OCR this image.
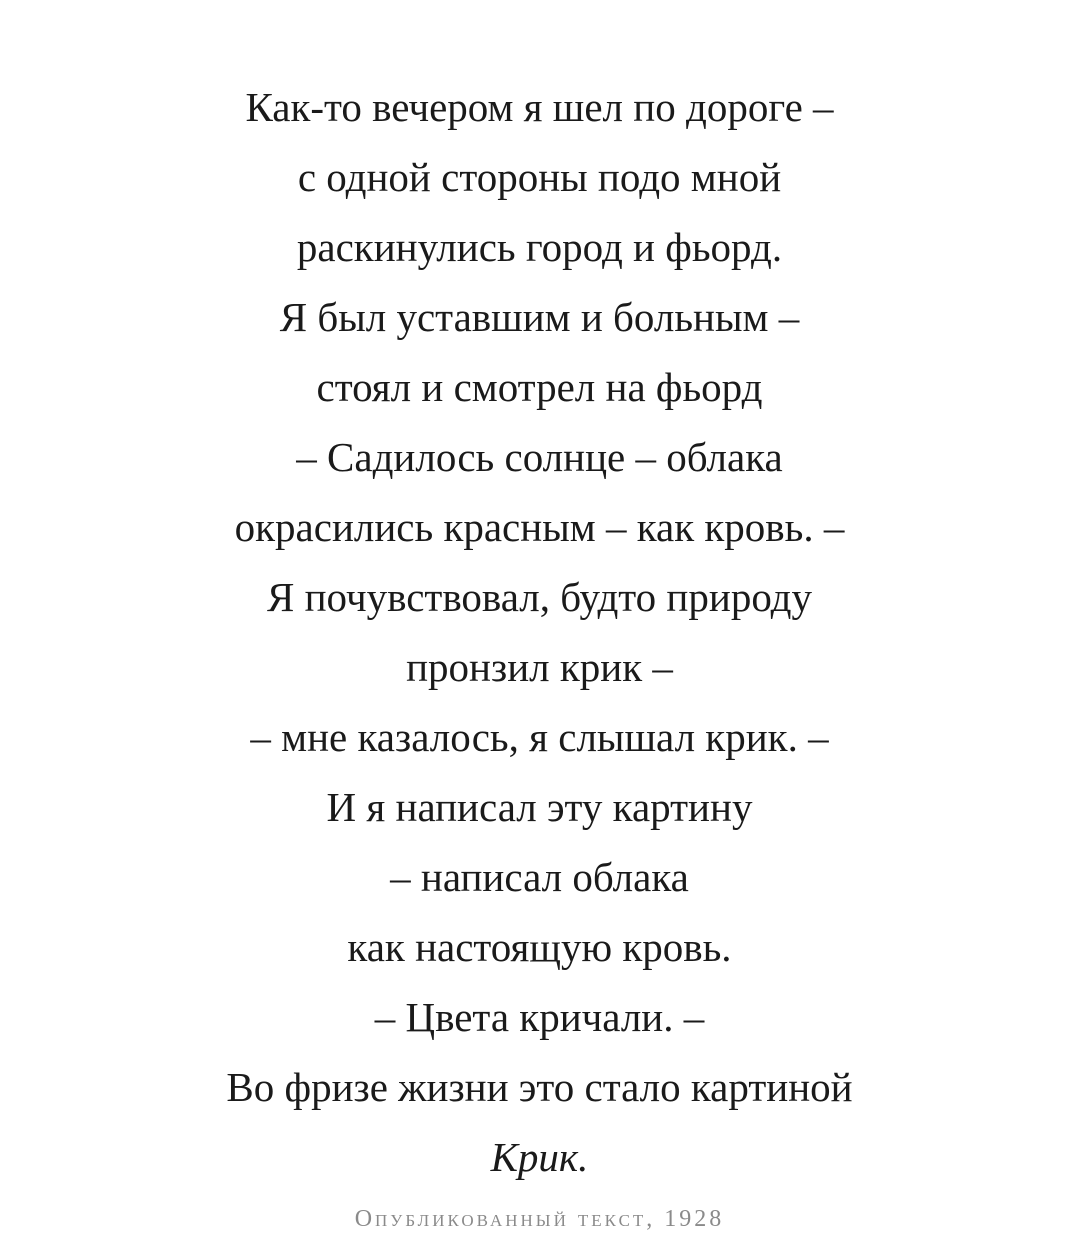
Как-то вечером я шел по дороге –
с одной стороны подо мной
раскинулись город и фьорд.
Я был уставшим и больным –
стоял и смотрел на фьорд
– Садилось солнце – облака
окрасились красным – как кровь. –
Я почувствовал, будто природу
пронзил крик –
– мне казалось, я слышал крик. –
И я написал эту картину
– написал облака
как настоящую кровь.
– Цвета кричали. –
Во фризе жизни это стало картиной
Крик.
Опубликованный текст, 1928
